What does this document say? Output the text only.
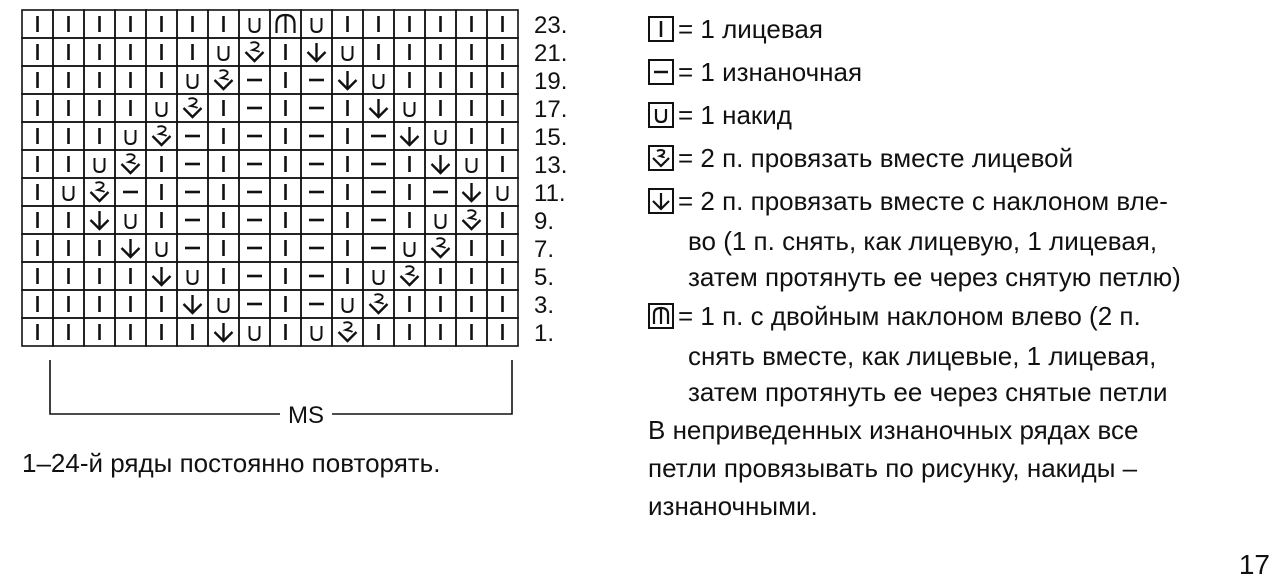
23.
21.
19.
17.
15.
13.
11.
9.
7.
5.
3.
1.
MS
1–24-й ряды постоянно повторять.
= 1 лицевая
= 1 изнаночная
= 1 накид
= 2 п. провязать вместе лицевой
= 2 п. провязать вместе с наклоном вле-
во (1 п. снять, как лицевую, 1 лицевая,
затем протянуть ее через снятую петлю)
= 1 п. с двойным наклоном влево (2 п.
снять вместе, как лицевые, 1 лицевая,
затем протянуть ее через снятые петли
В неприведенных изнаночных рядах все
петли провязывать по рисунку, накиды –
изнаночными.
17
